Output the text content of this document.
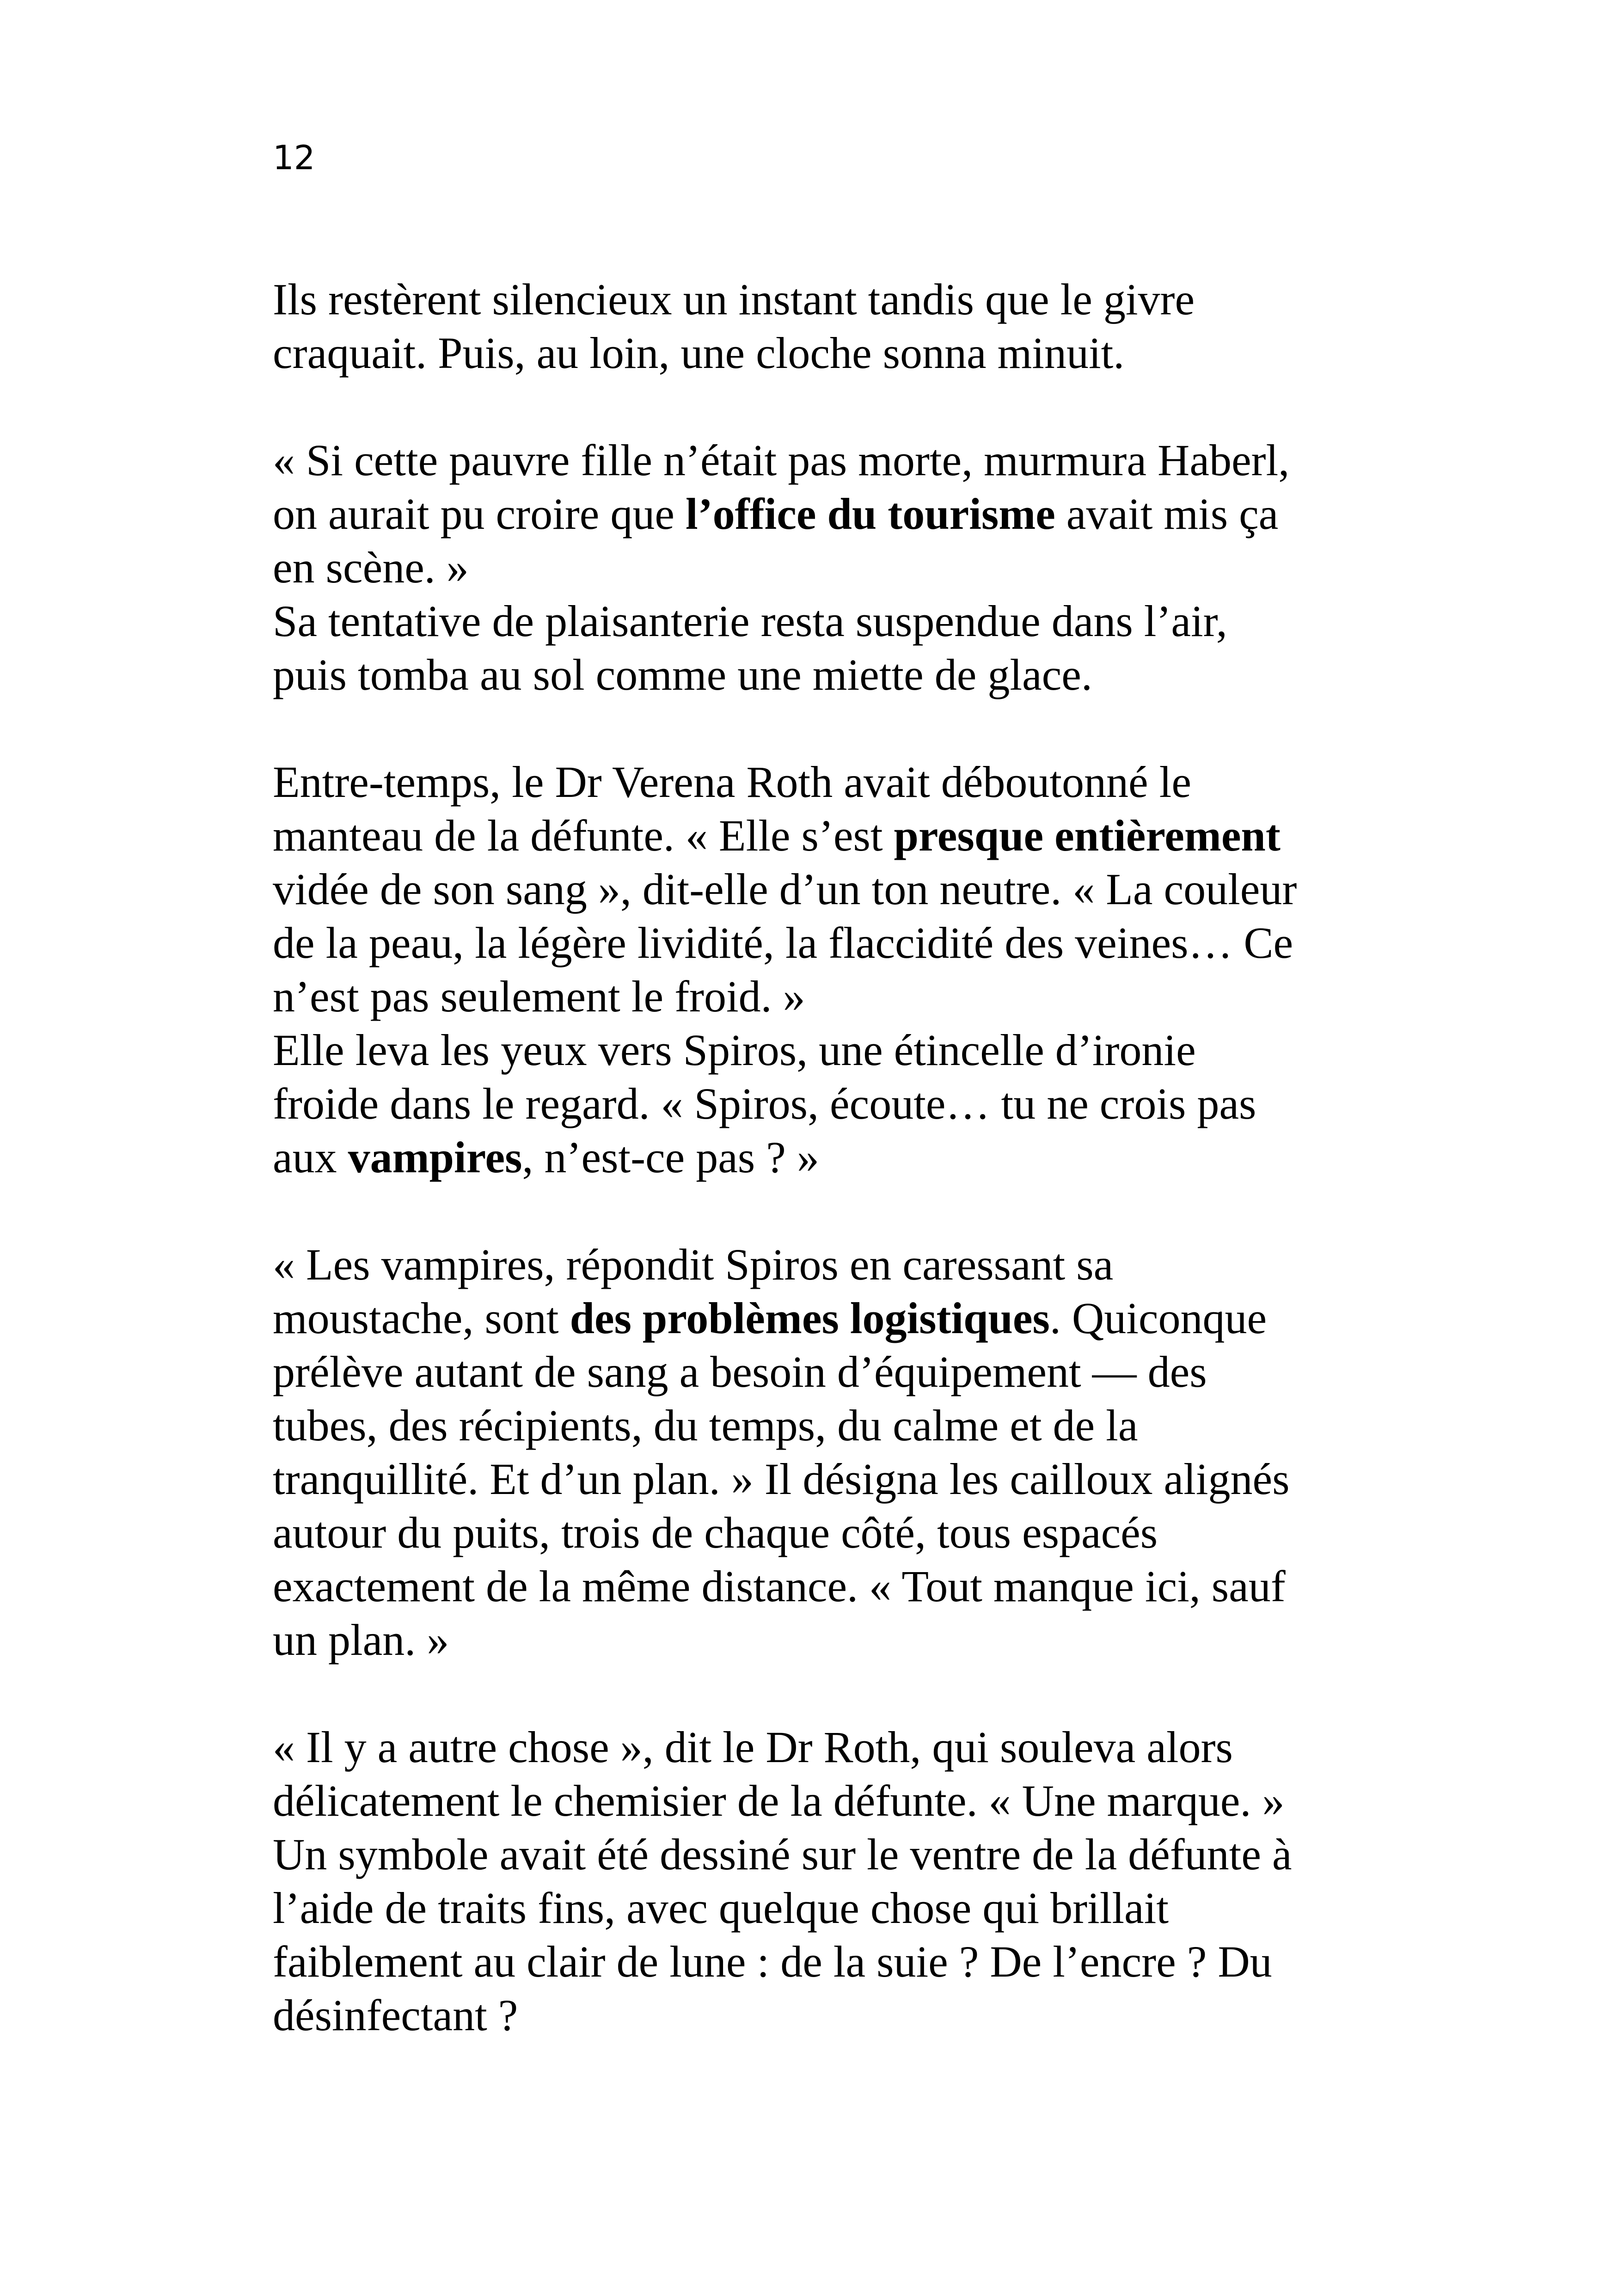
12
Ils restèrent silencieux un instant tandis que le givre
craquait. Puis, au loin, une cloche sonna minuit.
« Si cette pauvre fille n’était pas morte, murmura Haberl,
on aurait pu croire que l’office du tourisme avait mis ça
en scène. »
Sa tentative de plaisanterie resta suspendue dans l’air,
puis tomba au sol comme une miette de glace.
Entre-temps, le Dr Verena Roth avait déboutonné le
manteau de la défunte. « Elle s’est presque entièrement
vidée de son sang », dit-elle d’un ton neutre. « La couleur
de la peau, la légère lividité, la flaccidité des veines… Ce
n’est pas seulement le froid. »
Elle leva les yeux vers Spiros, une étincelle d’ironie
froide dans le regard. « Spiros, écoute… tu ne crois pas
aux vampires, n’est-ce pas ? »
« Les vampires, répondit Spiros en caressant sa
moustache, sont des problèmes logistiques. Quiconque
prélève autant de sang a besoin d’équipement — des
tubes, des récipients, du temps, du calme et de la
tranquillité. Et d’un plan. » Il désigna les cailloux alignés
autour du puits, trois de chaque côté, tous espacés
exactement de la même distance. « Tout manque ici, sauf
un plan. »
« Il y a autre chose », dit le Dr Roth, qui souleva alors
délicatement le chemisier de la défunte. « Une marque. »
Un symbole avait été dessiné sur le ventre de la défunte à
l’aide de traits fins, avec quelque chose qui brillait
faiblement au clair de lune : de la suie ? De l’encre ? Du
désinfectant ?
